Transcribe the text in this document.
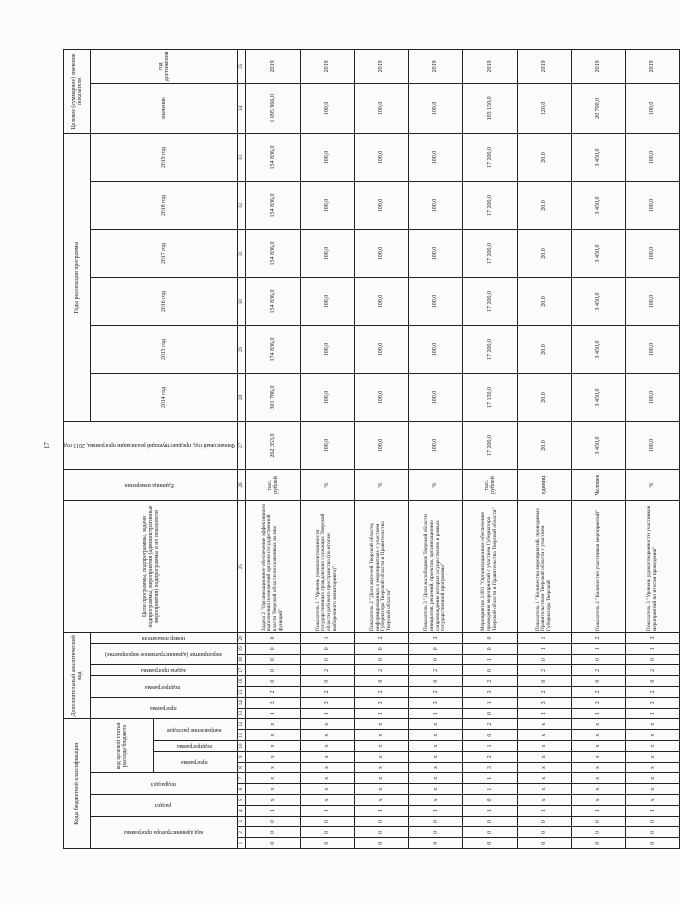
17
Коды бюджетной классификации												Дополнительный аналитический код								Цели программы, подпрограммы, задачи подпрограммы, мероприятия (административные мероприятия) подпрограммы и их показатели	Единица измерения	Финансовый год, предшествующий реализации программы, 2013 год	Годы реализации программы						Целевое (суммарное) значение показателя	
код администратора программы			раздел		подраздел		код целевой статьи расхода бюджета					программа		подпрограмма		задача программы	мероприятие (административное мероприятие)		номер показателя				2014 год	2015 год	2016 год	2017 год	2018 год	2019 год	значение	год достижения
							программа		подпрограмма	направление расходов																				
1	2	3	4	5	6	7	8	9	10	11	12	13	14	15	16	17	18	19	20	25	26	27	28	29	30	31	32	33	34	35
0	0	0	1	x	x	x	x	x	x	x	x	1	3	2	0	0	0	0	0	Задача 2 "Организационное обеспечение эффективного выполнения полномочий органов государственной власти Тверской области возложенных на них функций"	тыс. рублей	262 353,0	301 786,0	174 836,0	154 836,0	154 836,0	154 836,0	154 836,0	1 095 966,0	2019
0	0	0	1	x	x	x	x	x	x	x	x	1	3	2	0	2	0	0	1	Показатель 1 "Уровень укомплектованности государственных гражданских служащих Тверской области рабочего пространства (по итогам выборочного мониторинга)"	%	100,0	100,0	100,0	100,0	100,0	100,0	100,0	100,0	2019
0	0	0	1	x	x	x	x	x	x	x	x	1	3	2	0	2	0	0	2	Показатель 2 "Доля жителей Тверской области, информированных о мероприятиях с участием Губернатора Тверской области и Правительства Тверской области"	%	100,0	100,0	100,0	100,0	100,0	100,0	100,0	100,0	2019
0	0	0	1	x	x	x	x	x	x	x	x	1	3	2	0	2	0	0	3	Показатель 3 "Доля жалобщиков Тверской области инициатив, решений, проектов, организационно сопровождение которых осуществлено в рамках государственной программы"	%	100,0	100,0	100,0	100,0	100,0	100,0	100,0	100,0	2019
0	0	0	1	0	1	1	3	2	1	0	2	0	1	3	2	0	1	0	0	Мероприятие 2.001 "Организационное обеспечение проведения мероприятий с участием Губернатора Тверской области и Правительства Тверской области"	тыс. рублей	17 200,0	17 150,0	17 200,0	17 200,0	17 200,0	17 200,0	17 200,0	103 150,0	2019
0	0	0	1	x	x	x	x	x	x	x	x	1	3	2	0	2	0	1	1	Показатель 1 "Количество мероприятий, проводимых Правительством Тверской области с участием Губернатора Тверской	единиц	20,0	20,0	20,0	20,0	20,0	20,0	20,0	120,0	2019
0	0	0	1	x	x	x	x	x	x	x	x	1	3	2	0	2	0	1	2	Показатель 2 "Количество участников мероприятий"	Человек	3 450,0	3 450,0	3 450,0	3 450,0	3 450,0	3 450,0	3 450,0	20 700,0	2019
0	0	0	1	x	x	x	x	x	x	x	x	1	3	2	0	2	0	1	3	Показатель 3 "Уровень удовлетворенности участников мероприятий по итогам проведения"	%	100,0	100,0	100,0	100,0	100,0	100,0	100,0	100,0	2019
